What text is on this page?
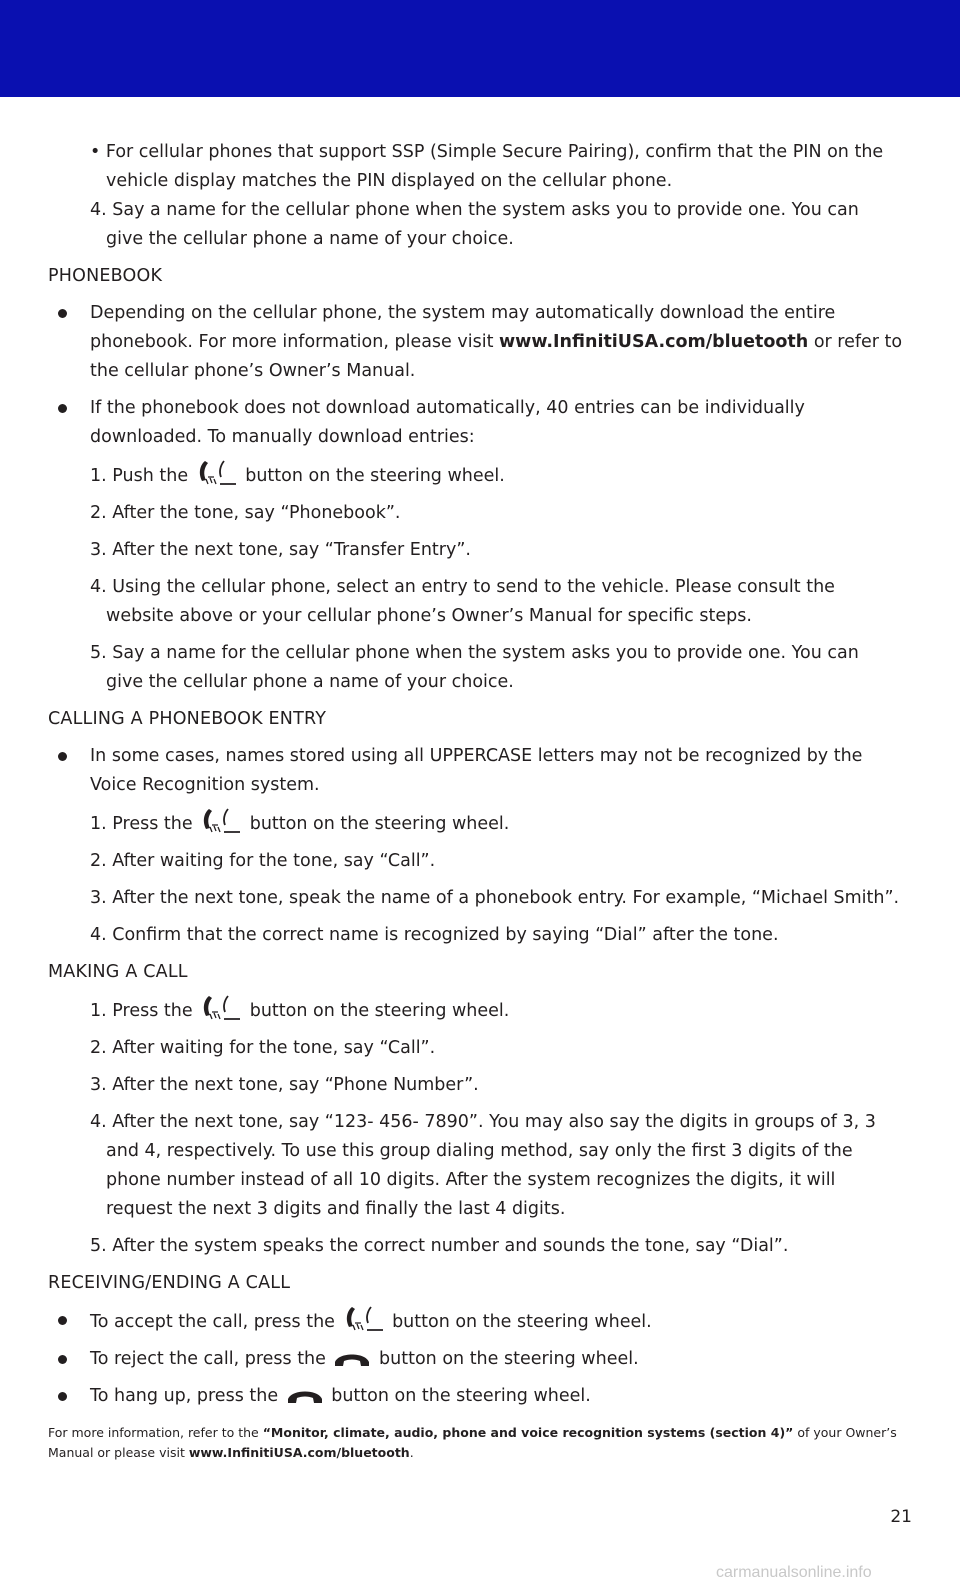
• For cellular phones that support SSP (Simple Secure Pairing), confirm that the PIN on the
vehicle display matches the PIN displayed on the cellular phone.
4. Say a name for the cellular phone when the system asks you to provide one. You can
give the cellular phone a name of your choice.
PHONEBOOK
Depending on the cellular phone, the system may automatically download the entire
phonebook. For more information, please visit www.InfinitiUSA.com/bluetooth or refer to
the cellular phone’s Owner’s Manual.
If the phonebook does not download automatically, 40 entries can be individually
downloaded. To manually download entries:
1. Push the	button on the steering wheel.
2. After the tone, say “Phonebook”.
3. After the next tone, say “Transfer Entry”.
4. Using the cellular phone, select an entry to send to the vehicle. Please consult the
website above or your cellular phone’s Owner’s Manual for specific steps.
5. Say a name for the cellular phone when the system asks you to provide one. You can
give the cellular phone a name of your choice.
CALLING A PHONEBOOK ENTRY
In some cases, names stored using all UPPERCASE letters may not be recognized by the
Voice Recognition system.
1. Press the	button on the steering wheel.
2. After waiting for the tone, say “Call”.
3. After the next tone, speak the name of a phonebook entry. For example, “Michael Smith”.
4. Confirm that the correct name is recognized by saying “Dial” after the tone.
MAKING A CALL
1. Press the	button on the steering wheel.
2. After waiting for the tone, say “Call”.
3. After the next tone, say “Phone Number”.
4. After the next tone, say “123- 456- 7890”. You may also say the digits in groups of 3, 3
and 4, respectively. To use this group dialing method, say only the first 3 digits of the
phone number instead of all 10 digits. After the system recognizes the digits, it will
request the next 3 digits and finally the last 4 digits.
5. After the system speaks the correct number and sounds the tone, say “Dial”.
RECEIVING/ENDING A CALL
To accept the call, press the	button on the steering wheel.
To reject the call, press the  button on the steering wheel.
To hang up, press the  button on the steering wheel.
For more information, refer to the “Monitor, climate, audio, phone and voice recognition systems (section 4)” of your Owner’s Manual or please visit www.InfinitiUSA.com/bluetooth.
21
carmanualsonline.info
